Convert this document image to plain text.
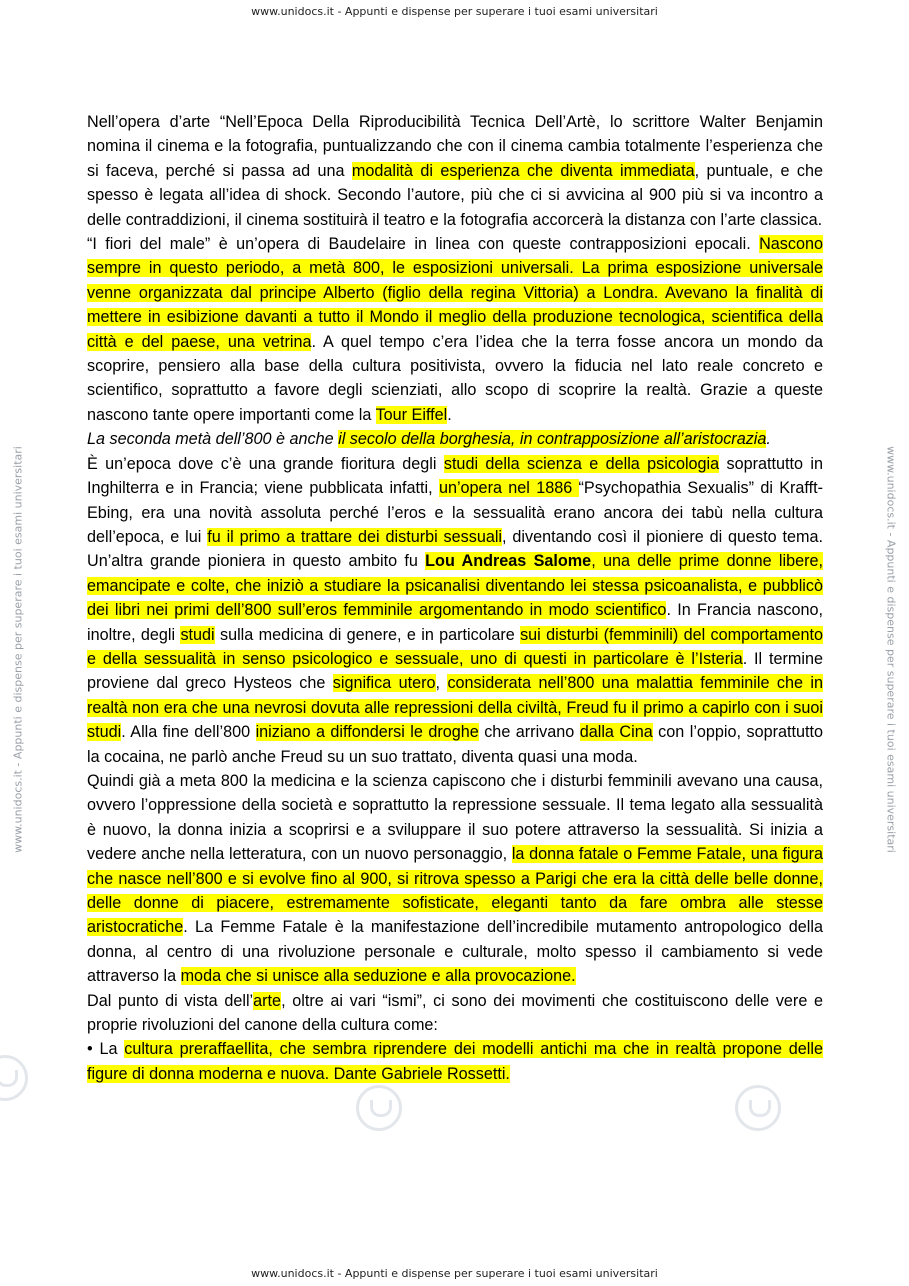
www.unidocs.it - Appunti e dispense per superare i tuoi esami universitari
www.unidocs.it - Appunti e dispense per superare i tuoi esami universitari
www.unidocs.it - Appunti e dispense per superare i tuoi esami universitari	www.unidocs.it - Appunti e dispense per superare i tuoi esami universitari

Nell’opera d’arte “Nell’Epoca Della Riproducibilità Tecnica Dell’Artè, lo scrittore Walter Benjamin nomina il cinema e la fotografia, puntualizzando che con il cinema cambia totalmente l’esperienza che si faceva, perché si passa ad una modalità di esperienza che diventa immediata, puntuale, e che spesso è legata all’idea di shock. Secondo l’autore, più che ci si avvicina al 900 più si va incontro a delle contraddizioni, il cinema sostituirà il teatro e la fotografia accorcerà la distanza con l’arte classica.

“I fiori del male” è un’opera di Baudelaire in linea con queste contrapposizioni epocali. Nascono sempre in questo periodo, a metà 800, le esposizioni universali. La prima esposizione universale venne organizzata dal principe Alberto (figlio della regina Vittoria) a Londra. Avevano la finalità di mettere in esibizione davanti a tutto il Mondo il meglio della produzione tecnologica, scientifica della città e del paese, una vetrina. A quel tempo c’era l’idea che la terra fosse ancora un mondo da scoprire, pensiero alla base della cultura positivista, ovvero la fiducia nel lato reale concreto e scientifico, soprattutto a favore degli scienziati, allo scopo di scoprire la realtà. Grazie a queste nascono tante opere importanti come la Tour Eiffel.

La seconda metà dell’800 è anche il secolo della borghesia, in contrapposizione all’aristocrazia.

È un’epoca dove c’è una grande fioritura degli studi della scienza e della psicologia soprattutto in Inghilterra e in Francia; viene pubblicata infatti, un’opera nel 1886 “Psychopathia Sexualis” di Krafft-Ebing, era una novità assoluta perché l’eros e la sessualità erano ancora dei tabù nella cultura dell’epoca, e lui fu il primo a trattare dei disturbi sessuali, diventando così il pioniere di questo tema. Un’altra grande pioniera in questo ambito fu Lou Andreas Salome, una delle prime donne libere, emancipate e colte, che iniziò a studiare la psicanalisi diventando lei stessa psicoanalista, e pubblicò dei libri nei primi dell’800 sull’eros femminile argomentando in modo scientifico. In Francia nascono, inoltre, degli studi sulla medicina di genere, e in particolare sui disturbi (femminili) del comportamento e della sessualità in senso psicologico e sessuale, uno di questi in particolare è l’Isteria. Il termine proviene dal greco Hysteos che significa utero, considerata nell’800 una malattia femminile che in realtà non era che una nevrosi dovuta alle repressioni della civiltà, Freud fu il primo a capirlo con i suoi studi. Alla fine dell’800 iniziano a diffondersi le droghe che arrivano dalla Cina con l’oppio, soprattutto la cocaina, ne parlò anche Freud su un suo trattato, diventa quasi una moda.

Quindi già a meta 800 la medicina e la scienza capiscono che i disturbi femminili avevano una causa, ovvero l’oppressione della società e soprattutto la repressione sessuale. Il tema legato alla sessualità è nuovo, la donna inizia a scoprirsi e a sviluppare il suo potere attraverso la sessualità. Si inizia a vedere anche nella letteratura, con un nuovo personaggio, la donna fatale o Femme Fatale, una figura che nasce nell’800 e si evolve fino al 900, si ritrova spesso a Parigi che era la città delle belle donne, delle donne di piacere, estremamente sofisticate, eleganti tanto da fare ombra alle stesse aristocratiche. La Femme Fatale è la manifestazione dell’incredibile mutamento antropologico della donna, al centro di una rivoluzione personale e culturale, molto spesso il cambiamento si vede attraverso la moda che si unisce alla seduzione e alla provocazione.

Dal punto di vista dell’arte, oltre ai vari “ismi”, ci sono dei movimenti che costituiscono delle vere e proprie rivoluzioni del canone della cultura come:

• La cultura preraffaellita, che sembra riprendere dei modelli antichi ma che in realtà propone delle figure di donna moderna e nuova. Dante Gabriele Rossetti.
